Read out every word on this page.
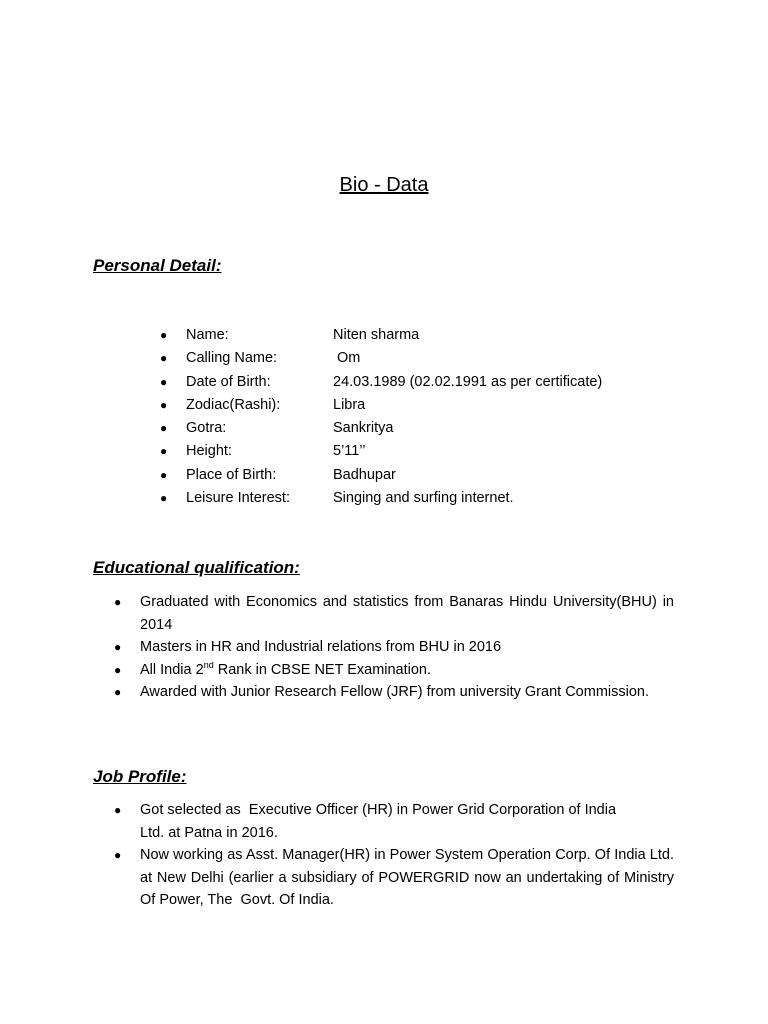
Bio - Data
Personal Detail:
● Name:	Niten sharma
● Calling Name:	Om
● Date of Birth:	24.03.1989 (02.02.1991 as per certificate)
● Zodiac(Rashi):	Libra
● Gotra:	Sankritya
● Height:	5’11’’
● Place of Birth:	Badhupar
● Leisure Interest:	Singing and surfing internet.
Educational qualification:
● Graduated with Economics and statistics from Banaras Hindu University(BHU) in 2014
● Masters in HR and Industrial relations from BHU in 2016
● All India 2nd Rank in CBSE NET Examination.
● Awarded with Junior Research Fellow (JRF) from university Grant Commission.
Job Profile:
● Got selected as  Executive Officer (HR) in Power Grid Corporation of India Ltd. at Patna in 2016.
● Now working as Asst. Manager(HR) in Power System Operation Corp. Of India Ltd. at New Delhi (earlier a subsidiary of POWERGRID now an undertaking of Ministry Of Power, The  Govt. Of India.
